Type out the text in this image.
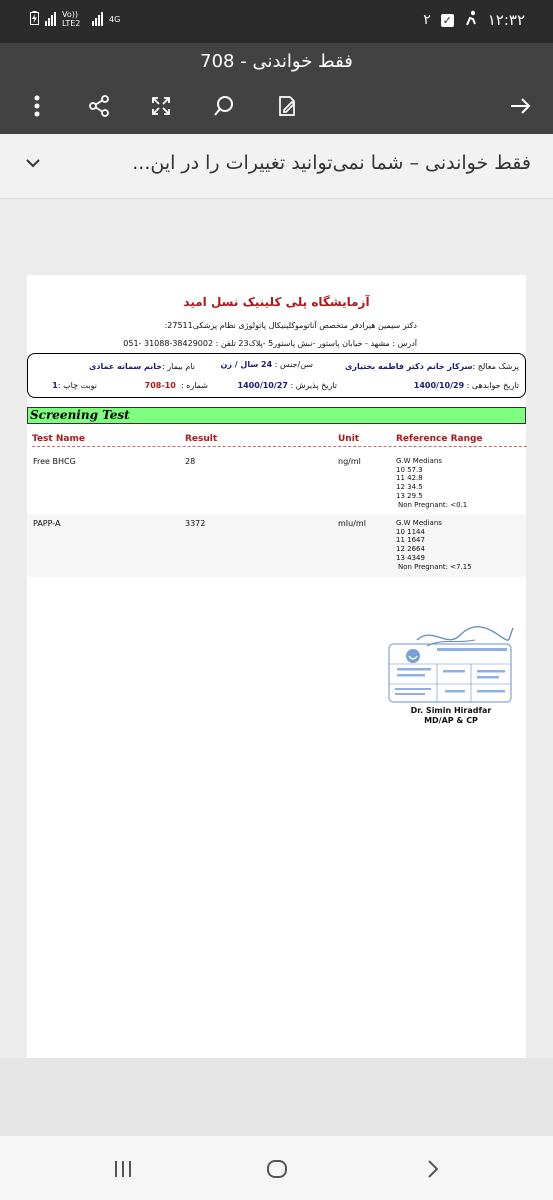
Vo)) LTE2	4G	۲ ✓ ۱۲:۳۲
708 - فقط خواندنی
فقط خواندنی – شما نمی‌توانید تغییرات را در این...
آزمایشگاه پلی کلینیک نسل امید
دکتر سیمین هیرادفر متخصص آناتوموکلینیکال پاتولوژی نظام پزشکی27511:
آدرس : مشهد - خیابان پاستور -نبش پاستور5 -پلاک23 تلفن : 38429002-31088 -051
پزشک معالج :سرکار خانم دکتر فاطمه بختیاری
سن/جنس : 24 سال / زن
نام بیمار :خانم سمانه عمادی
تاریخ جوابدهی : 1400/10/29
تاریخ پذیرش : 1400/10/27
شماره :  10-708
نوبت چاپ :1
Screening Test
Test Name	Result	Unit	Reference Range
Free BHCG	28	ng/ml	G.W Medians
10 57.3
11 42.8
12 34.5
13 29.5
Non Pregnant: <0.1
PAPP-A	3372	mIu/ml	G.W Medians
10 1144
11 1647
12 2664
13 4349
Non Pregnant: <7.15
Dr. Simin Hiradfar
MD/AP & CP
